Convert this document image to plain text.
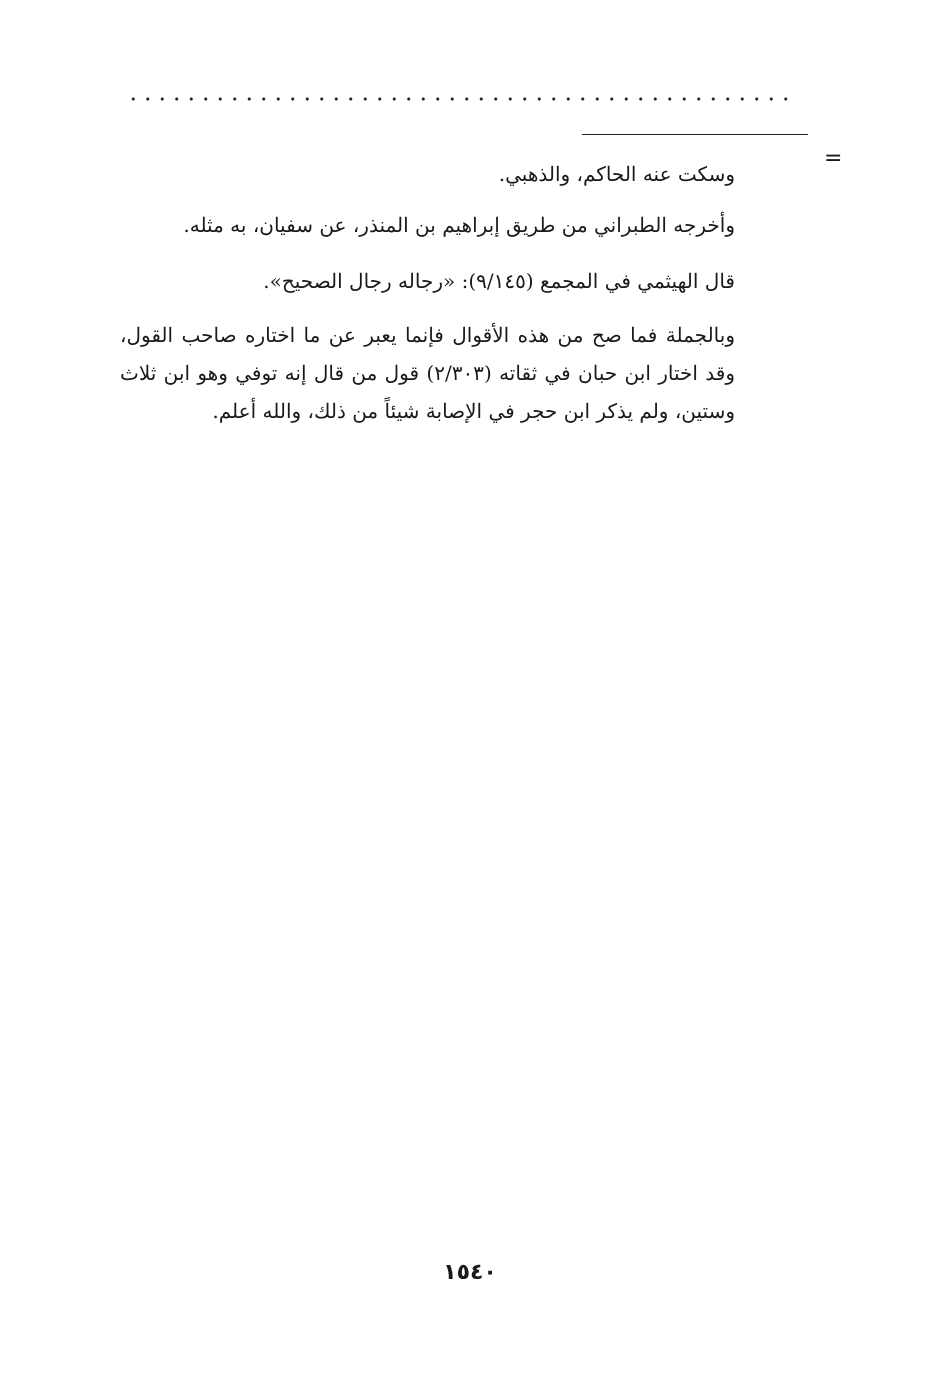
=
وسكت عنه الحاكم، والذهبي.
وأخرجه الطبراني من طريق إبراهيم بن المنذر، عن سفيان، به مثله.
قال الهيثمي في المجمع (٩/١٤٥): «رجاله رجال الصحيح».
وبالجملة فما صح من هذه الأقوال فإنما يعبر عن ما اختاره صاحب القول،
وقد اختار ابن حبان في ثقاته (٢/٣٠٣) قول من قال إنه توفي وهو ابن ثلاث
وستين، ولم يذكر ابن حجر في الإصابة شيئاً من ذلك، والله أعلم.
١٥٤٠
